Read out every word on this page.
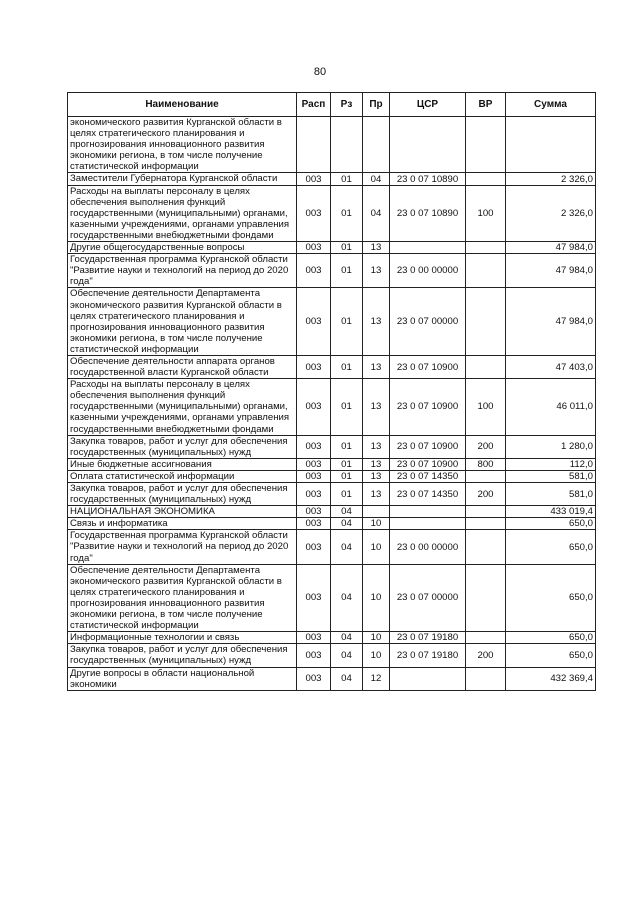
80
Наименование	Расп	Рз	Пр	ЦСР	ВР	Сумма
экономического развития Курганской области в целях стратегического планирования и прогнозирования инновационного развития экономики региона, в том числе получение статистической информации						
Заместители Губернатора Курганской области	003	01	04	23 0 07 10890		2 326,0
Расходы на выплаты персоналу в целях обеспечения выполнения функций государственными (муниципальными) органами, казенными учреждениями, органами управления государственными внебюджетными фондами	003	01	04	23 0 07 10890	100	2 326,0
Другие общегосударственные вопросы	003	01	13			47 984,0
Государственная программа Курганской области "Развитие науки и технологий на период до 2020 года"	003	01	13	23 0 00 00000		47 984,0
Обеспечение деятельности Департамента экономического развития Курганской области в целях стратегического планирования и прогнозирования инновационного развития экономики региона, в том числе получение статистической информации	003	01	13	23 0 07 00000		47 984,0
Обеспечение деятельности аппарата органов государственной власти Курганской области	003	01	13	23 0 07 10900		47 403,0
Расходы на выплаты персоналу в целях обеспечения выполнения функций государственными (муниципальными) органами, казенными учреждениями, органами управления государственными внебюджетными фондами	003	01	13	23 0 07 10900	100	46 011,0
Закупка товаров, работ и услуг для обеспечения государственных (муниципальных) нужд	003	01	13	23 0 07 10900	200	1 280,0
Иные бюджетные ассигнования	003	01	13	23 0 07 10900	800	112,0
Оплата статистической информации	003	01	13	23 0 07 14350		581,0
Закупка товаров, работ и услуг для обеспечения государственных (муниципальных) нужд	003	01	13	23 0 07 14350	200	581,0
НАЦИОНАЛЬНАЯ ЭКОНОМИКА	003	04				433 019,4
Связь и информатика	003	04	10			650,0
Государственная программа Курганской области "Развитие науки и технологий на период до 2020 года"	003	04	10	23 0 00 00000		650,0
Обеспечение деятельности Департамента экономического развития Курганской области в целях стратегического планирования и прогнозирования инновационного развития экономики региона, в том числе получение статистической информации	003	04	10	23 0 07 00000		650,0
Информационные технологии и связь	003	04	10	23 0 07 19180		650,0
Закупка товаров, работ и услуг для обеспечения государственных (муниципальных) нужд	003	04	10	23 0 07 19180	200	650,0
Другие вопросы в области национальной экономики	003	04	12			432 369,4
